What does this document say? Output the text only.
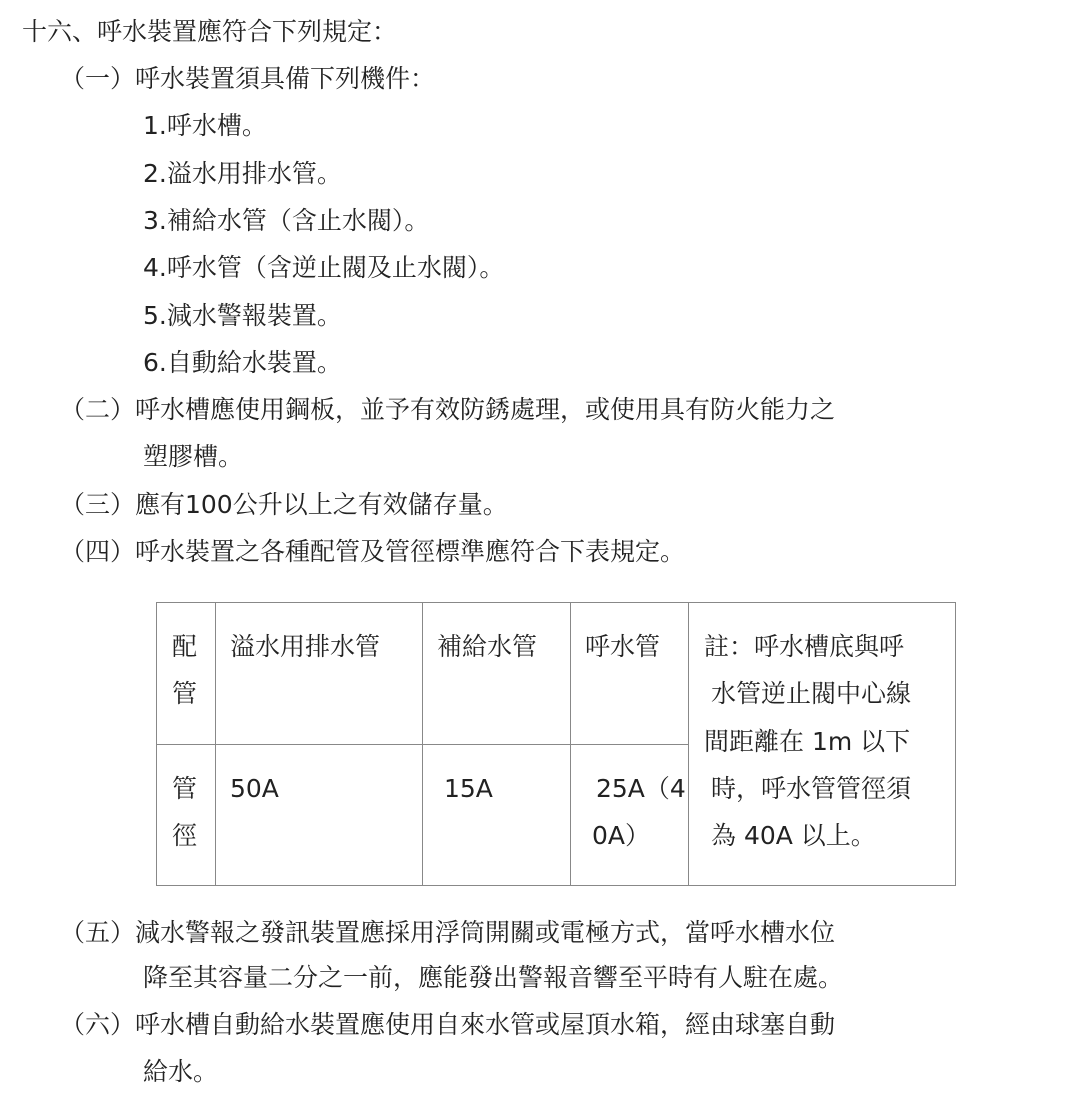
十六、呼水裝置應符合下列規定：
（一）呼水裝置須具備下列機件：
1.呼水槽。
2.溢水用排水管。
3.補給水管（含止水閥）。
4.呼水管（含逆止閥及止水閥）。
5.減水警報裝置。
6.自動給水裝置。
（二）呼水槽應使用鋼板，並予有效防銹處理，或使用具有防火能力之
塑膠槽。
（三）應有100公升以上之有效儲存量。
（四）呼水裝置之各種配管及管徑標準應符合下表規定。
配
管
管
徑
溢水用排水管 補給水管 呼水管
50A	15A	25A（4
0A）
註：呼水槽底與呼
水管逆止閥中心線
間距離在 1m 以下
時，呼水管管徑須
為 40A 以上。
（五）減水警報之發訊裝置應採用浮筒開關或電極方式，當呼水槽水位
降至其容量二分之一前，應能發出警報音響至平時有人駐在處。
（六）呼水槽自動給水裝置應使用自來水管或屋頂水箱，經由球塞自動
給水。
